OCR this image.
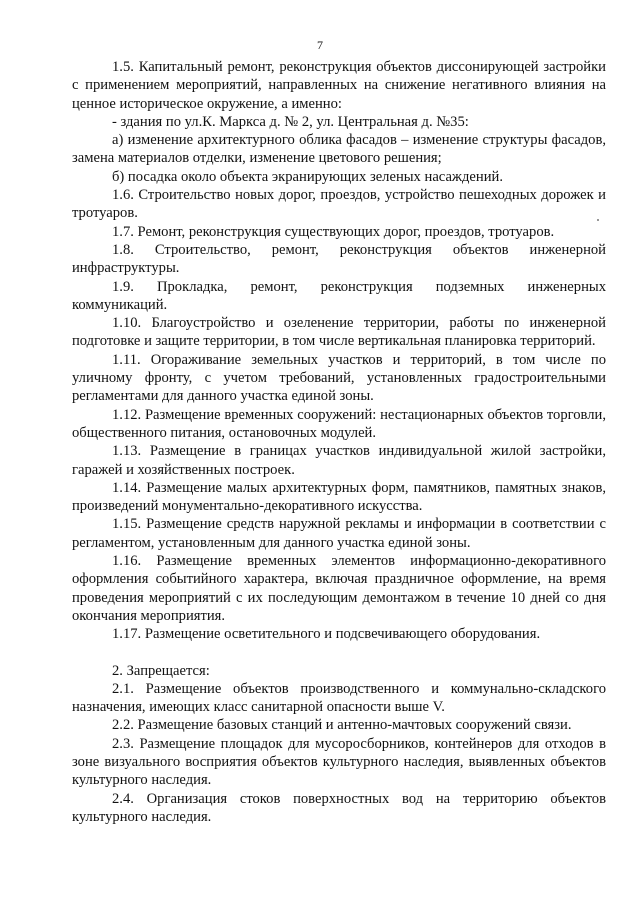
7

1.5. Капитальный ремонт, реконструкция объектов диссонирующей застройки с применением мероприятий, направленных на снижение негативного влияния на ценное историческое окружение, а именно:

- здания по ул.К. Маркса д. № 2, ул. Центральная д. №35:

а) изменение архитектурного облика фасадов – изменение структуры фасадов, замена материалов отделки, изменение цветового решения;

б) посадка около объекта экранирующих зеленых насаждений.

1.6. Строительство новых дорог, проездов, устройство пешеходных дорожек и тротуаров.

1.7. Ремонт, реконструкция существующих дорог, проездов, тротуаров.

1.8. Строительство, ремонт, реконструкция объектов инженерной инфраструктуры.

1.9. Прокладка, ремонт, реконструкция подземных инженерных коммуникаций.

1.10. Благоустройство и озеленение территории, работы по инженерной подготовке и защите территории, в том числе вертикальная планировка территорий.

1.11. Огораживание земельных участков и территорий, в том числе по уличному фронту, с учетом требований, установленных градостроительными регламентами для данного участка единой зоны.

1.12. Размещение временных сооружений: нестационарных объектов торговли, общественного питания, остановочных модулей.

1.13. Размещение в границах участков индивидуальной жилой застройки, гаражей и хозяйственных построек.

1.14. Размещение малых архитектурных форм, памятников, памятных знаков, произведений монументально-декоративного искусства.

1.15. Размещение средств наружной рекламы и информации в соответствии с регламентом, установленным для данного участка единой зоны.

1.16. Размещение временных элементов информационно-декоративного оформления событийного характера, включая праздничное оформление, на время проведения мероприятий с их последующим демонтажом в течение 10 дней со дня окончания мероприятия.

1.17. Размещение осветительного и подсвечивающего оборудования.

2. Запрещается:

2.1. Размещение объектов производственного и коммунально-складского назначения, имеющих класс санитарной опасности выше V.

2.2. Размещение базовых станций и антенно-мачтовых сооружений связи.

2.3. Размещение площадок для мусоросборников, контейнеров для отходов в зоне визуального восприятия объектов культурного наследия, выявленных объектов культурного наследия.

2.4. Организация стоков поверхностных вод на территорию объектов культурного наследия.
